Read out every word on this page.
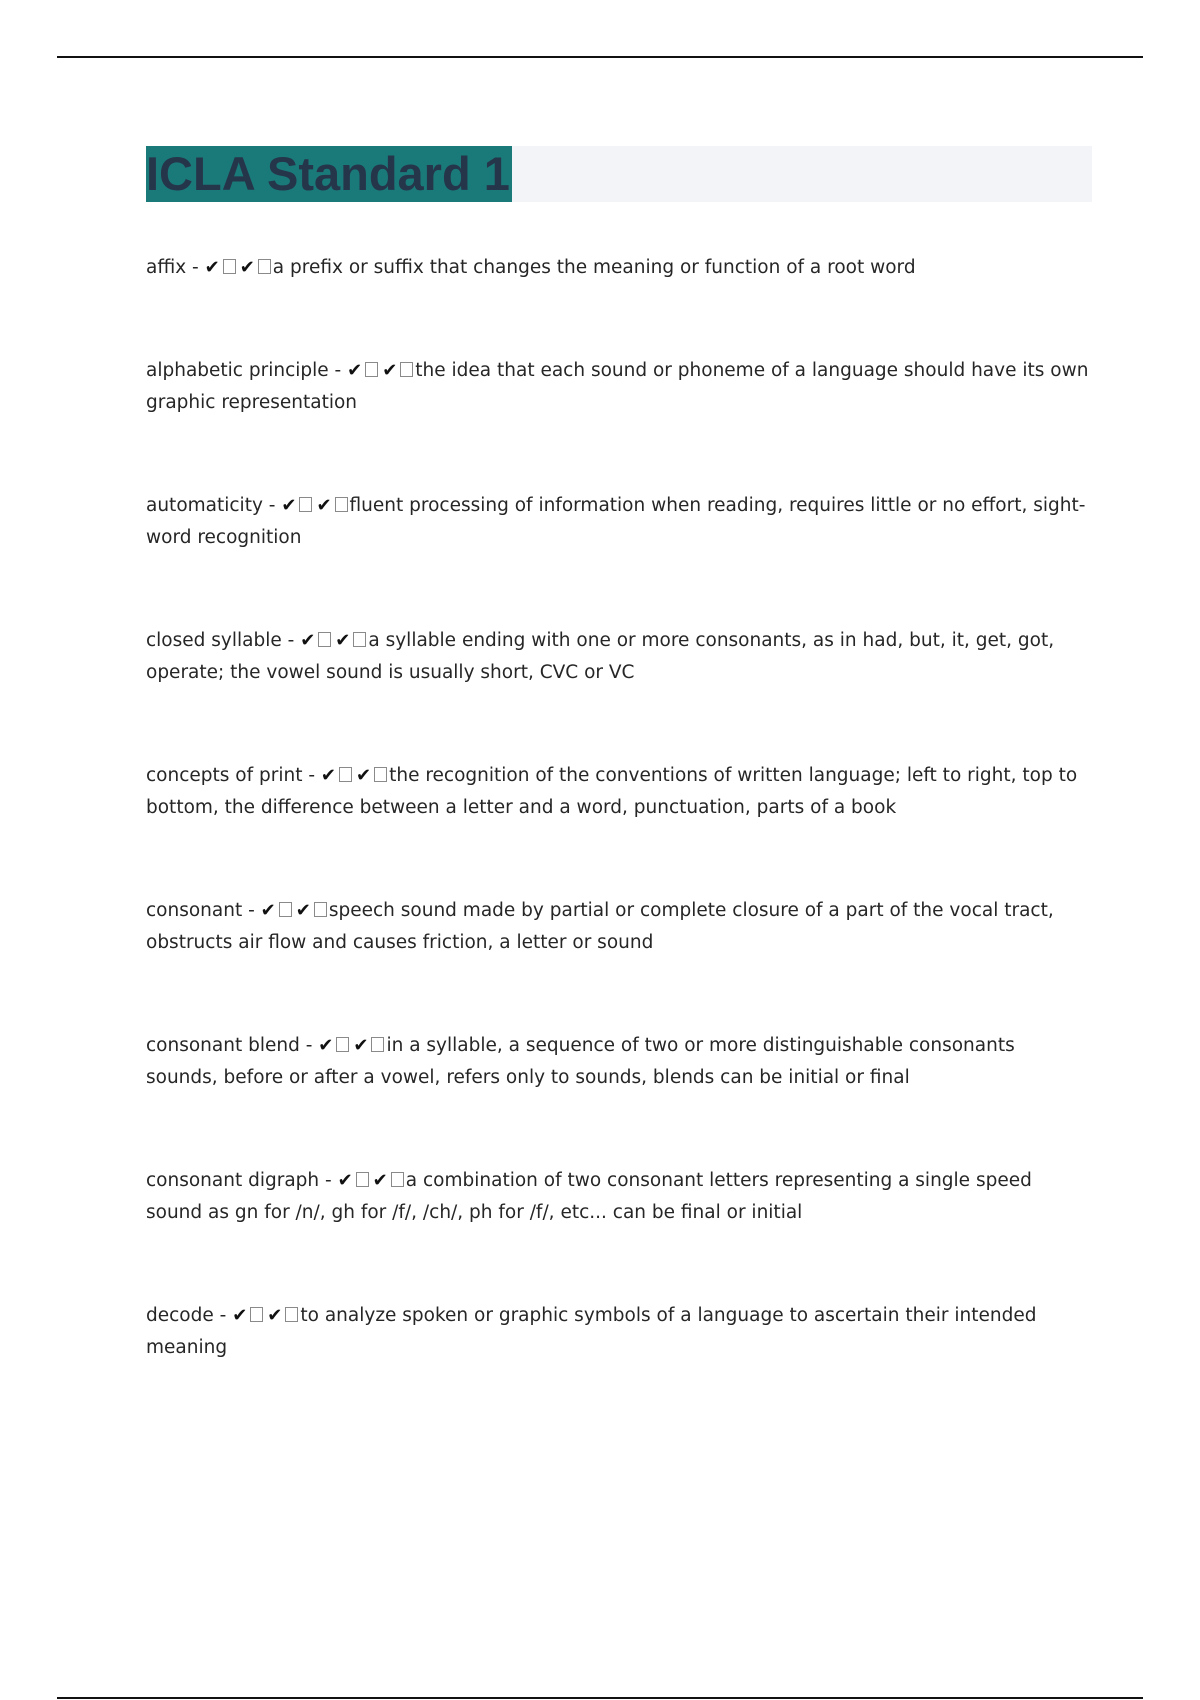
ICLA Standard 1
affix - ✔ ✔ a prefix or suffix that changes the meaning or function of a root word
alphabetic principle - ✔ ✔ the idea that each sound or phoneme of a language should have its own graphic representation
automaticity - ✔ ✔ fluent processing of information when reading, requires little or no effort, sight-word recognition
closed syllable - ✔ ✔ a syllable ending with one or more consonants, as in had, but, it, get, got, operate; the vowel sound is usually short, CVC or VC
concepts of print - ✔ ✔ the recognition of the conventions of written language; left to right, top to bottom, the difference between a letter and a word, punctuation, parts of a book
consonant - ✔ ✔ speech sound made by partial or complete closure of a part of the vocal tract, obstructs air flow and causes friction, a letter or sound
consonant blend - ✔ ✔ in a syllable, a sequence of two or more distinguishable consonants sounds, before or after a vowel, refers only to sounds, blends can be initial or final
consonant digraph - ✔ ✔ a combination of two consonant letters representing a single speed sound as gn for /n/, gh for /f/, /ch/, ph for /f/, etc... can be final or initial
decode - ✔ ✔ to analyze spoken or graphic symbols of a language to ascertain their intended meaning
